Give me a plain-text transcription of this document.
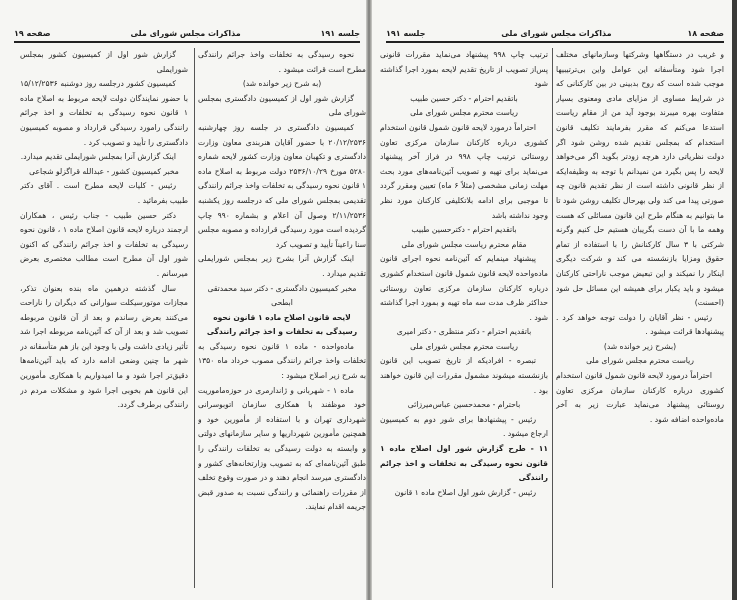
صفحه ۱۹	مذاکرات مجلس شورای ملی	جلسه ۱۹۱

نحوه رسیدگی به تخلفات واخذ جرائم رانندگی مطرح است قرائت میشود .

(به شرح زیر خوانده شد)

گزارش شور اول از کمیسیون دادگستری بمجلس شورای ملی

کمیسیون دادگستری در جلسه روز چهارشنبه ۲۰/۱۲/۲۵۳۶ با حضور آقایان هنربندی معاون وزارت دادگستری و تکهبان معاون وزارت کشور لایحه شماره ۵۲۸۰ مورخ ۲۵۳۶/۱۰/۲۹ دولت مربوط به اصلاح ماده ۱ قانون نحوه رسیدگی به تخلفات واخذ جرائم رانندگی تقدیمی بمجلس شورای ملی که درجلسه روز یکشنبه ۲/۱۱/۲۵۳۶ وصول آن اعلام و بشماره ۹۹۰ چاپ گردیده است مورد رسیدگی قرارداده و مصوبه مجلس سنا راعیناً تأیید و تصویب کرد

اینک گزارش آنرا بشرح زیر بمجلس شورایملی تقدیم میدارد .

مخبر کمیسیون دادگستری - دکتر سید محمدتقی ابطحی

لایحه قانون اصلاح ماده ۱ قانون نحوه رسیدگی به تخلفات و اخذ جرائم رانندگی

ماده‌واحده - ماده ۱ قانون نحوه رسیدگی به تخلفات واخذ جرائم رانندگی مصوب خرداد ماه ۱۳۵۰ به شرح زیر اصلاح میشود :

ماده ۱ - شهربانی و ژاندارمری در حوزه‌ماموریت خود موظفند با همکاری سازمان اتوبوسرانی شهرداری تهران و با استفاده از مأمورین خود و همچنین مأمورین شهرداریها و سایر سازمانهای دولتی و وابسته به دولت رسیدگی به تخلفات رانندگی را طبق آئین‌نامه‌ای که به تصویب وزارتخانه‌های کشور و دادگستری میرسد انجام دهند و در صورت وقوع تخلف از مقررات راهنمائی و رانندگی نسبت به صدور قبض جریمه اقدام نمایند.

گزارش شور اول از کمیسیون کشور بمجلس شورایملی

کمیسیون کشور درجلسه روز دوشنبه ۱۵/۱۲/۲۵۳۶ با حضور نمایندگان دولت لایحه مربوط به اصلاح ماده ۱ قانون نحوه رسیدگی به تخلفات و اخذ جرائم رانندگی رامورد رسیدگی قرارداد و مصوبه کمیسیون دادگستری را تأیید و تصویب کرد .

اینک گزارش آنرا بمجلس شورایملی تقدیم میدارد.

مخبر کمیسیون کشور - عبدالله قراگزلو شجاعی

رئیس - کلیات لایحه مطرح است . آقای دکتر طبیب بفرمائید .

دکتر حسین طبیب - جناب رئیس ، همکاران ارجمند درباره لایحه قانون اصلاح ماده ۱ ، قانون نحوه رسیدگی به تخلفات و اخذ جرائم رانندگی که اکنون شور اول آن مطرح است مطالب مختصری بعرض میرسانم .

سال گذشته درهمین ماه بنده بعنوان تذکر، مجازات موتورسیکلت سوارانی که دیگران را ناراحت می‌کنند بعرض رساندم و بعد از آن قانون مربوطه تصویب شد و بعد از آن که آئین‌نامه مربوطه اجرا شد تأثیر زیادی داشت ولی با وجود این باز هم متأسفانه در شهر ما چنین وضعی ادامه دارد که باید آئین‌نامه‌ها دقیق‌تر اجرا شود و ما امیدواریم با همکاری مأمورین این قانون هم بخوبی اجرا شود و مشکلات مردم در رانندگی برطرف گردد.

جلسه ۱۹۱	مذاکرات مجلس شورای ملی	صفحه ۱۸

و غریب در دستگاهها وشرکتها وسازمانهای مختلف اجرا شود ومتأسفانه این عوامل واین بی‌ترتیبیها موجب شده است که روح بدبینی در بین کارکنانی که در شرایط مساوی از مزایای مادی ومعنوی بسیار متفاوت بهره میبرند بوجود آید من از مقام ریاست استدعا می‌کنم که مقرر بفرمایند تکلیف قانون استخدام که بمجلس تقدیم شده روشن شود اگر دولت نظریاتی دارد هرچه زودتر بگوید اگر می‌خواهد لایحه را پس بگیرد من نمیدانم با توجه به وظیفه‌ایکه از نظر قانونی داشته است از نظر تقدیم قانون چه صورتی پیدا می کند ولی بهرحال تکلیف روشن شود تا ما بتوانیم به هنگام طرح این قانون مسائلی که هست وهمه ما با آن دست بگریبان هستیم حل کنیم وگرنه شرکتی با ۳ سال کارکنانش را با استفاده از تمام حقوق ومزایا بازنشسته می کند و شرکت دیگری اینکار را نمیکند و این تبعیض موجب ناراحتی کارکنان میشود و باید یکبار برای همیشه این مسائل حل شود (احسنت)

رئیس - نظر آقایان را دولت توجه خواهد کرد . پیشنهادها قرائت میشود .

(بشرح زیر خوانده شد)

ریاست محترم مجلس شورای ملی

احتراماً درمورد لایحه قانون شمول قانون استخدام کشوری درباره کارکنان سازمان مرکزی تعاون روستائی پیشنهاد می‌نماید عبارت زیر به آخر ماده‌واحده اضافه شود .

ترتیب چاپ ۹۹۸ پیشنهاد می‌نماید مقررات قانونی پس‌از تصویب از تاریخ تقدیم لایحه بمورد اجرا گذاشته شود

باتقدیم احترام - دکتر حسین طبیب

ریاست محترم مجلس شورای ملی

احتراماً درمورد لایحه قانون شمول قانون استخدام کشوری درباره کارکنان سازمان مرکزی تعاون روستائی ترتیب چاپ ۹۹۸ در فراز آخر پیشنهاد می‌نماید برای تهیه و تصویب آئین‌نامه‌های مورد بحث مهلت زمانی مشخصی (مثلاً ۶ ماه) تعیین ومقرر گردد تا موجبی برای ادامه بلاتکلیفی کارکنان مورد نظر وجود نداشته باشد

باتقدیم احترام - دکترحسین طبیب

مقام محترم ریاست مجلس شورای ملی

پیشنهاد مینمایم که آئین‌نامه نحوه اجرای قانون ماده‌واحده لایحه قانون شمول قانون استخدام کشوری درباره کارکنان سازمان مرکزی تعاون روستائی حداکثر ظرف مدت سه ماه تهیه و بمورد اجرا گذاشته شود .

باتقدیم احترام - دکتر منتظری - دکتر امیری

ریاست محترم مجلس شورای ملی

تبصره - افرادیکه از تاریخ تصویب این قانون بازنشسته میشوند مشمول مقررات این قانون خواهند بود .

باحترام - محمدحسین عباس‌میرزائی

رئیس - پیشنهادها برای شور دوم به کمیسیون ارجاع میشود .

۱۱ - طرح گزارش شور اول اصلاح ماده ۱ قانون نحوه رسیدگی به تخلفات و اخذ جرائم رانندگی

رئیس - گزارش شور اول اصلاح ماده ۱ قانون
